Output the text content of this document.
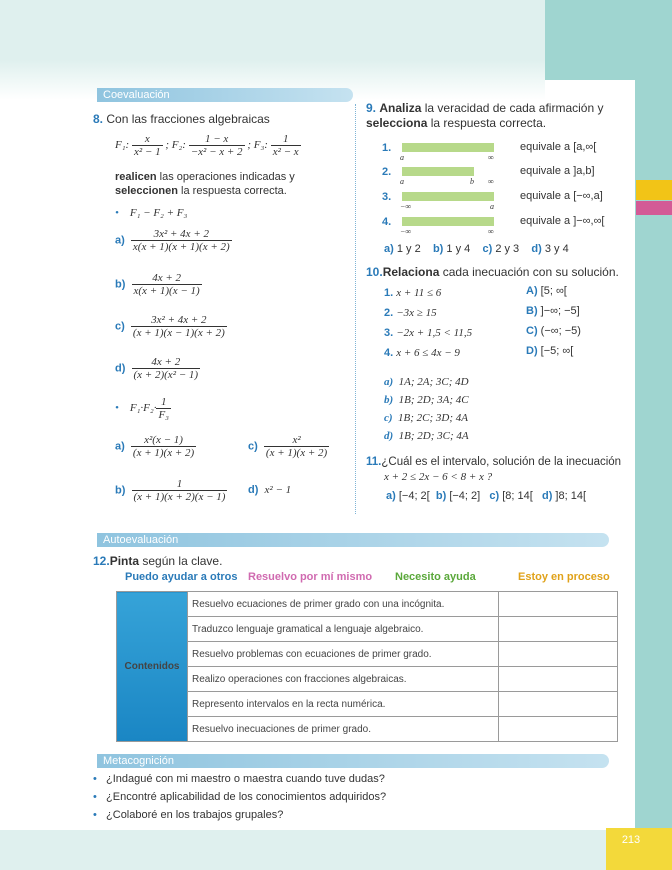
213
Coevaluación
8. Con las fracciones algebraicas
F₁: $\frac{x}{\text{x² − 1}}$ ; F₂: $\frac{1 - x}{\text{−x² − x + 2}}$ ; F₃: $\frac{1}{\text{x² − x}}$
realicen las operaciones indicadas y seleccionen la respuesta correcta.
• F₁ − F₂ + F₃
$a) \frac{\text{3x² + 4x + 2}}{x(x + 1)(x + 1)(x + 2)}$
$b) \frac{4x + 2}{x(x + 1)(x - 1)}$
$c) \frac{\text{3x² + 4x + 2}}{(x + 1)(x - 1)(x + 2)}$
$d) \frac{4x + 2}{\text{(x + 2)(x² − 1)}}$
• $F_1\cdot F_2\cdot \frac{1}{\text{F₃}}$
$a) \frac{\text{x²(x − 1)}}{(x + 1)(x + 2)}$
$b) \frac{1}{(x + 1)(x + 2)(x - 1)}$
$c) \frac{\text{x²}}{(x + 1)(x + 2)}$
d) x² − 1
9. Analiza la veracidad de cada afirmación y selecciona la respuesta correcta.
1.
a	∞
equivale a [a,∞[
2.
a	b ∞
equivale a ]a,b]
3.
−∞	a
equivale a [−∞,a]
4.
−∞	∞
equivale a ]−∞,∞[
a) 1 y 2 b) 1 y 4 c) 2 y 3 d) 3 y 4
10.Relaciona cada inecuación con su solución.
1. x + 11 ≤ 6
2. −3x ≥ 15
3. −2x + 1,5 < 11,5
4. x + 6 ≤ 4x − 9
A) [5; ∞[
B) ]−∞; −5]
C) (−∞; −5)
D) [−5; ∞[
a) 1A; 2A; 3C; 4D
b) 1B; 2D; 3A; 4C
c) 1B; 2C; 3D; 4A
d) 1B; 2D; 3C; 4A
11.¿Cuál es el intervalo, solución de la inecuación
x + 2 ≤ 2x − 6 < 8 + x ?
a) [−4; 2[ b) [−4; 2] c) [8; 14[ d) ]8; 14[
Autoevaluación
12.Pinta según la clave.
Puedo ayudar a otros Resuelvo por mí mismo Necesito ayuda	Estoy en proceso
Contenidos	Resuelvo ecuaciones de primer grado con una incógnita.	
	Traduzco lenguaje gramatical a lenguaje algebraico.	
	Resuelvo problemas con ecuaciones de primer grado.	
	Realizo operaciones con fracciones algebraicas.	
	Represento intervalos en la recta numérica.	
	Resuelvo inecuaciones de primer grado.	
Metacognición
• ¿Indagué con mi maestro o maestra cuando tuve dudas?
• ¿Encontré aplicabilidad de los conocimientos adquiridos?
• ¿Colaboré en los trabajos grupales?
